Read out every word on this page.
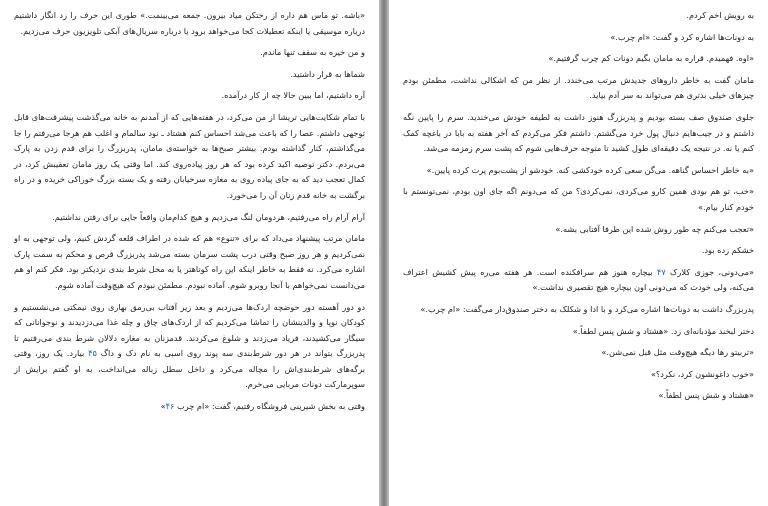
«باشه. تو ماس هم داره از رختکن میاد بیرون. جمعه می‌بینمت.» طوری این حرف را زد انگار داشتیم درباره موسیقی یا اینکه تعطیلات کجا می‌خواهد برود یا درباره سریال‌های آبکی تلویزیون حرف می‌زدیم.

و من خیره به سقف تنها ماندم.

شماها به قرار داشتید.

آره داشتیم، اما ببین حالا چه از کار درآمده.

با تمام شکایت‌هایی تریشا از من می‌کرد، در هفته‌هایی که از آمدنم به خانه می‌گذشت پیشرفت‌های قابل توجهی داشتم. عصا را که باعث می‌شد احساس کنم هشتاد ـ نود سالمام و اغلب هم هرجا می‌رفتم را جا می‌گذاشتم، کنار گذاشته بودم. بیشتر صبح‌ها به خواسته‌ی مامان، پدربزرگ را برای قدم زدن به پارک می‌بردم. دکتر توصیه اکید کرده بود که هر روز پیاده‌روی کند. اما وقتی یک روز مامان تعقیبش کرد، در کمال تعجب دید که به جای پیاده روی به مغازه سرخیابان رفته و یک بسته بزرگ خوراکی خریده و در راه برگشت به خانه قدم زنان آن را می‌خورد.

آرام آرام راه می‌رفتیم، هردومان لنگ می‌زدیم و هیچ کدام‌مان واقعاً جایی برای رفتن نداشتیم.

مامان مرتب پیشنهاد می‌داد که برای «تنوع» هم که شده در اطراف قلعه گردش کنیم، ولی توجهی به او نمی‌کردیم و هر روز صبح وقتی درب پشت سرمان بسته می‌شد پدربزرگ قرص و محکم به سمت پارک اشاره می‌کرد. نه فقط به خاطر اینکه این راه کوتاهتر یا به محل شرط بندی نزدیکتر بود. فکر کنم او هم می‌دانست نمی‌خواهم با آنجا روبرو شوم. آماده نبودم. مطمئن نبودم که هیچ‌وقت آماده شوم.

دو دور آهسته دور حوضچه اردک‌ها می‌زدیم و بعد زیر آفتاب بی‌رمق بهاری روی نیمکتی می‌نشستیم و کودکان نوپا و والدینشان را تماشا می‌کردیم که از اردک‌های چاق و چله غذا می‌دزدیدند و نوجوانانی که سیگار می‌کشیدند، فریاد می‌زدند و شلوغ می‌کردند. قدمزنان به مغازه دلالان شرط بندی می‌رفتیم تا پدربزرگ بتواند در هر دور شرط‌بندی سه پوند روی اسبی به نام دک و داگ ۴۵ بیارد. یک روز، وقتی برگه‌های شرط‌بندی‌اش را مچاله می‌کرد و داخل سطل زباله می‌انداخت، به او گفتم برایش از سوپرمارکت دونات مربایی می‌خرم.

وقتی به بخش شیرینی فروشگاه رفتیم، گفت: «ام چرب ۴۶»

به رویش اخم کردم.

به دونات‌ها اشاره کرد و گفت: «ام چرب.»

«اوه. فهمیدم. قراره به مامان بگیم دونات کم چرب گرفتیم.»

مامان گفت به خاطر داروهای جدیدش مرتب می‌خندد. از نظر من که اشکالی نداشت، مطمئن بودم چیزهای خیلی بدتری هم می‌تواند به سر آدم بیاید.

جلوی صندوق صف بسته بودیم و پدربزرگ هنوز داشت به لطیفه خودش می‌خندید. سرم را پایین نگه داشتم و در جیب‌هایم دنبال پول خرد می‌گشتم. داشتم فکر می‌کردم که آخر هفته به بابا در باغچه کمک کنم یا نه. در نتیجه یک دقیقه‌ای طول کشید تا متوجه حرف‌هایی شوم که پشت سرم زمزمه می‌شد.

«به خاطر احساس گناهه. می‌گن سعی کرده خودکشی کنه. خودشو از پشت‌بوم پرت کرده پایین.»

«خب، تو هم بودی همین کارو می‌کردی، نمی‌کردی؟ من که می‌دونم اگه جای اون بودم، نمی‌تونستم با خودم کنار بیام.»

«تعجب می‌کنم چه طور روش شده این طرفا آفتابی بشه.»

خشکم زده بود.

«می‌دونی، جوزی کلارک ۴۷ بیچاره هنوز هم سرافکنده است. هر هفته می‌ره پیش کشیش اعتراف می‌کنه، ولی خودت که می‌دونی اون بیچاره هیچ تقصیری نداشت.»

پدربزرگ داشت به دونات‌ها اشاره می‌کرد و با ادا و شکلک به دختر صندوق‌دار می‌گفت: «ام چرب.»

دختر لبخند مؤدبانه‌ای زد. «هشتاد و شش پنس لطفاً.»

«تربیتو رها دیگه هیچ‌وقت مثل قبل نمی‌شن.»

«خوب داغونشون کرد، نکرد؟»

«هشتاد و شش پنس لطفاً.»
